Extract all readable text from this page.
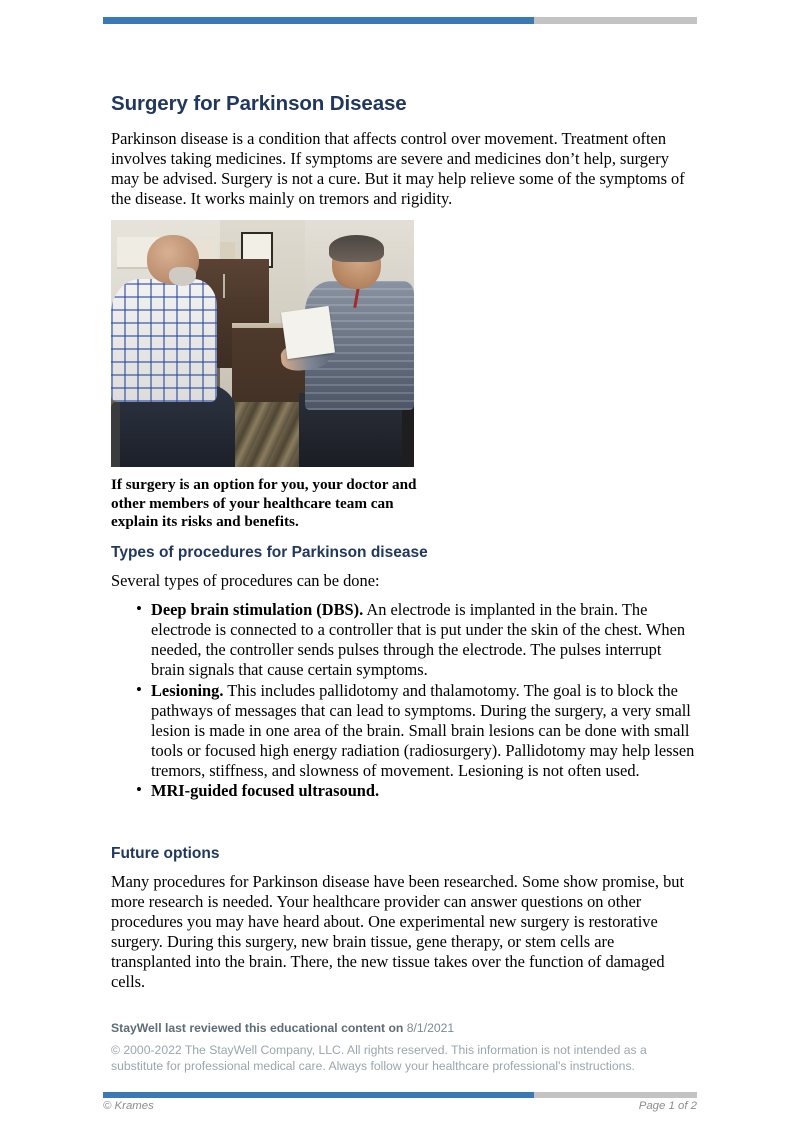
Surgery for Parkinson Disease

Parkinson disease is a condition that affects control over movement. Treatment often involves taking medicines. If symptoms are severe and medicines don’t help, surgery may be advised. Surgery is not a cure. But it may help relieve some of the symptoms of the disease. It works mainly on tremors and rigidity.

If surgery is an option for you, your doctor and other members of your healthcare team can explain its risks and benefits.
Types of procedures for Parkinson disease

Several types of procedures can be done:

• Deep brain stimulation (DBS). An electrode is implanted in the brain. The electrode is connected to a controller that is put under the skin of the chest. When needed, the controller sends pulses through the electrode. The pulses interrupt brain signals that cause certain symptoms.
• Lesioning. This includes pallidotomy and thalamotomy. The goal is to block the pathways of messages that can lead to symptoms. During the surgery, a very small lesion is made in one area of the brain. Small brain lesions can be done with small tools or focused high energy radiation (radiosurgery). Pallidotomy may help lessen tremors, stiffness, and slowness of movement. Lesioning is not often used.
• MRI-guided focused ultrasound.
Future options

Many procedures for Parkinson disease have been researched. Some show promise, but more research is needed. Your healthcare provider can answer questions on other procedures you may have heard about. One experimental new surgery is restorative surgery. During this surgery, new brain tissue, gene therapy, or stem cells are transplanted into the brain. There, the new tissue takes over the function of damaged cells.

StayWell last reviewed this educational content on 8/1/2021

© 2000-2022 The StayWell Company, LLC. All rights reserved. This information is not intended as a substitute for professional medical care. Always follow your healthcare professional's instructions.

© Krames	Page 1 of 2
